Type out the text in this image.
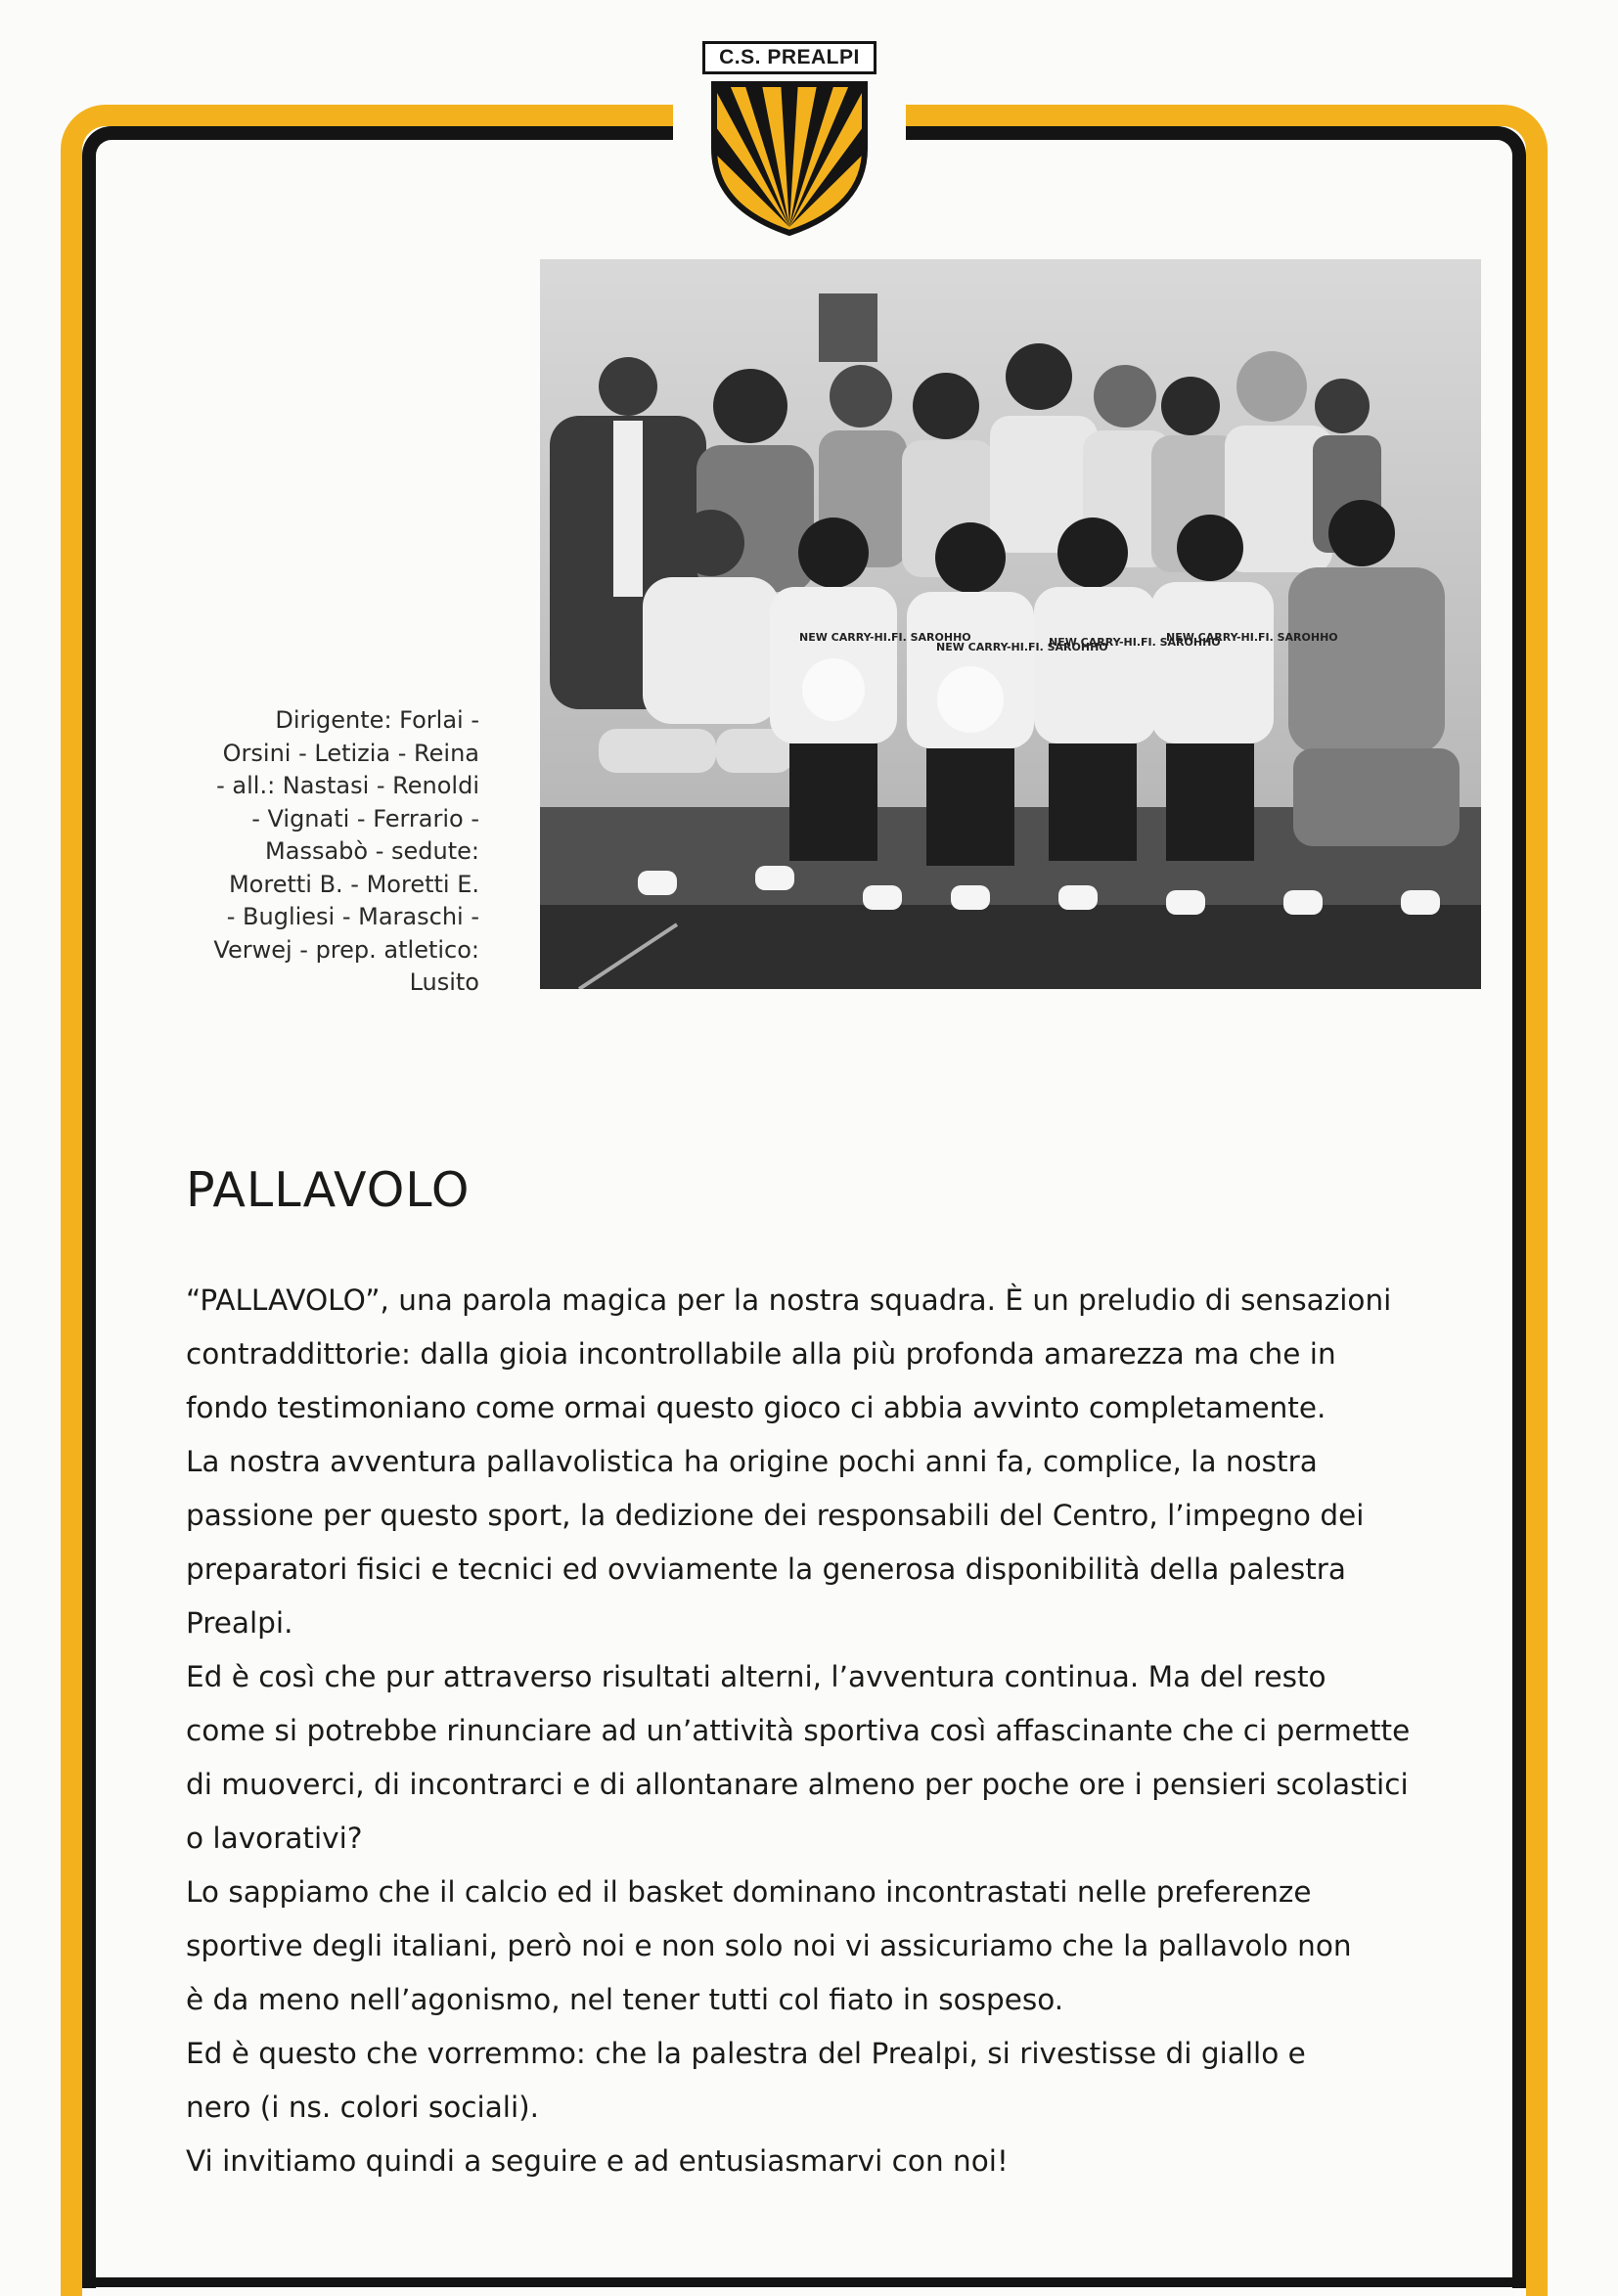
C.S. PREALPI
NEW CARRY-HI.FI. SAROHHO
NEW CARRY-HI.FI. SAROHHO
NEW CARRY-HI.FI. SAROHHO
NEW CARRY-HI.FI. SAROHHO
Dirigente: Forlai -
Orsini - Letizia - Reina
- all.: Nastasi - Renoldi
- Vignati - Ferrario -
Massabò - sedute:
Moretti B. - Moretti E.
- Bugliesi - Maraschi -
Verwej - prep. atletico:
Lusito
PALLAVOLO

“PALLAVOLO”, una parola magica per la nostra squadra. È un preludio di sensazioni

contraddittorie: dalla gioia incontrollabile alla più profonda amarezza ma che in

fondo testimoniano come ormai questo gioco ci abbia avvinto completamente.

La nostra avventura pallavolistica ha origine pochi anni fa, complice, la nostra

passione per questo sport, la dedizione dei responsabili del Centro, l’impegno dei

preparatori fisici e tecnici ed ovviamente la generosa disponibilità della palestra

Prealpi.

Ed è così che pur attraverso risultati alterni, l’avventura continua. Ma del resto

come si potrebbe rinunciare ad un’attività sportiva così affascinante che ci permette

di muoverci, di incontrarci e di allontanare almeno per poche ore i pensieri scolastici

o lavorativi?

Lo sappiamo che il calcio ed il basket dominano incontrastati nelle preferenze

sportive degli italiani, però noi e non solo noi vi assicuriamo che la pallavolo non

è da meno nell’agonismo, nel tener tutti col fiato in sospeso.

Ed è questo che vorremmo: che la palestra del Prealpi, si rivestisse di giallo e

nero (i ns. colori sociali).

Vi invitiamo quindi a seguire e ad entusiasmarvi con noi!
